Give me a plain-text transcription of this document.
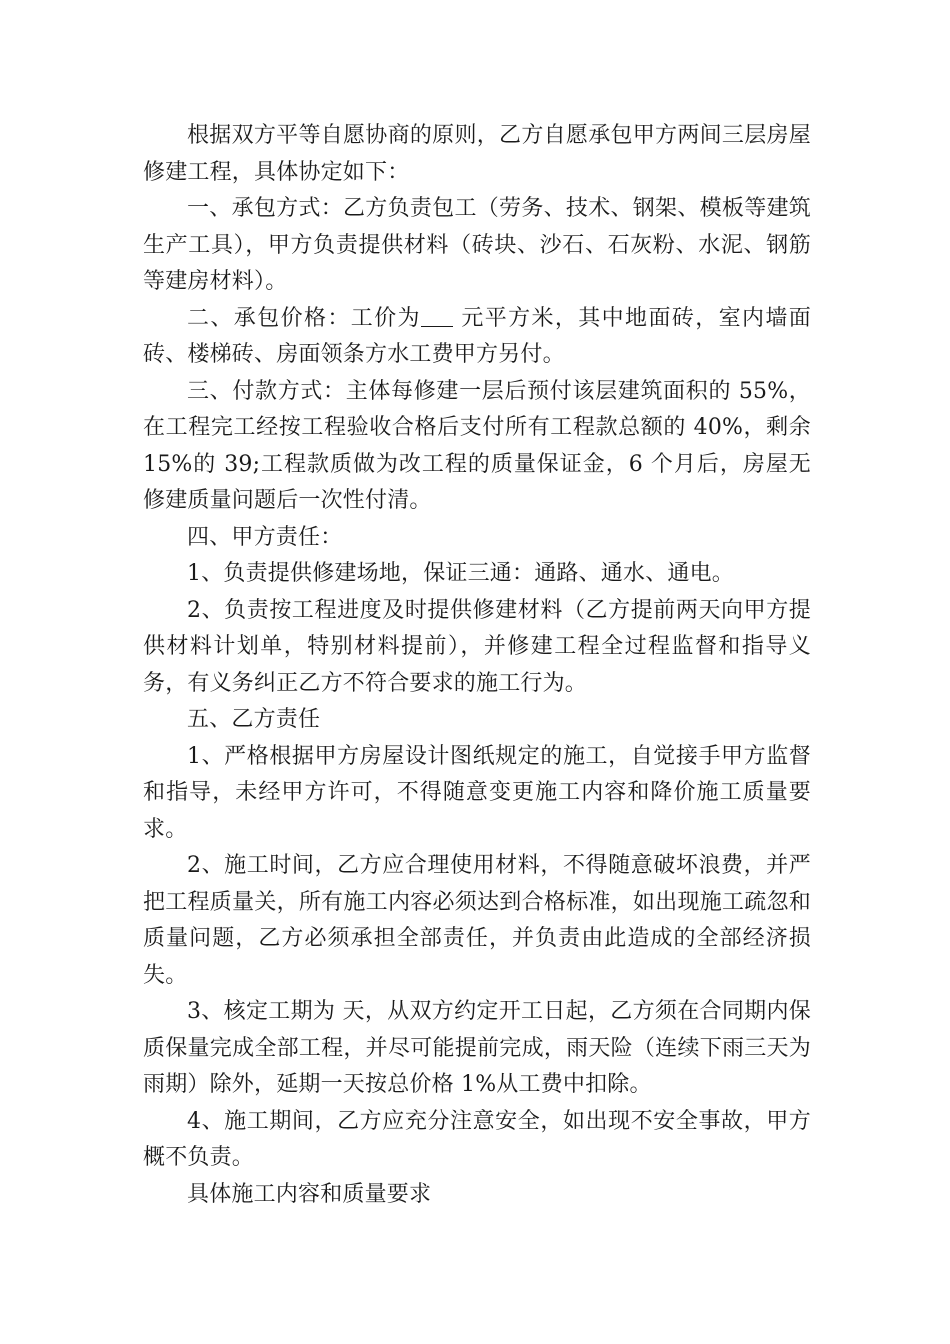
根据双方平等自愿协商的原则，乙方自愿承包甲方两间三层房屋修建工程，具体协定如下：

一、承包方式：乙方负责包工（劳务、技术、钢架、模板等建筑生产工具），甲方负责提供材料（砖块、沙石、石灰粉、水泥、钢筋等建房材料）。

二、承包价格：工价为 元平方米，其中地面砖，室内墙面砖、楼梯砖、房面领条方水工费甲方另付。

三、付款方式：主体每修建一层后预付该层建筑面积的 55%，在工程完工经按工程验收合格后支付所有工程款总额的 40%，剩余 15%的 39;工程款质做为改工程的质量保证金，6 个月后，房屋无修建质量问题后一次性付清。

四、甲方责任：

1、负责提供修建场地，保证三通：通路、通水、通电。

2、负责按工程进度及时提供修建材料（乙方提前两天向甲方提供材料计划单，特别材料提前），并修建工程全过程监督和指导义务，有义务纠正乙方不符合要求的施工行为。

五、乙方责任

1、严格根据甲方房屋设计图纸规定的施工，自觉接手甲方监督和指导，未经甲方许可，不得随意变更施工内容和降价施工质量要求。

2、施工时间，乙方应合理使用材料，不得随意破坏浪费，并严把工程质量关，所有施工内容必须达到合格标准，如出现施工疏忽和质量问题，乙方必须承担全部责任，并负责由此造成的全部经济损失。

3、核定工期为 天，从双方约定开工日起，乙方须在合同期内保质保量完成全部工程，并尽可能提前完成，雨天险（连续下雨三天为雨期）除外，延期一天按总价格 1%从工费中扣除。

4、施工期间，乙方应充分注意安全，如出现不安全事故，甲方概不负责。

具体施工内容和质量要求
